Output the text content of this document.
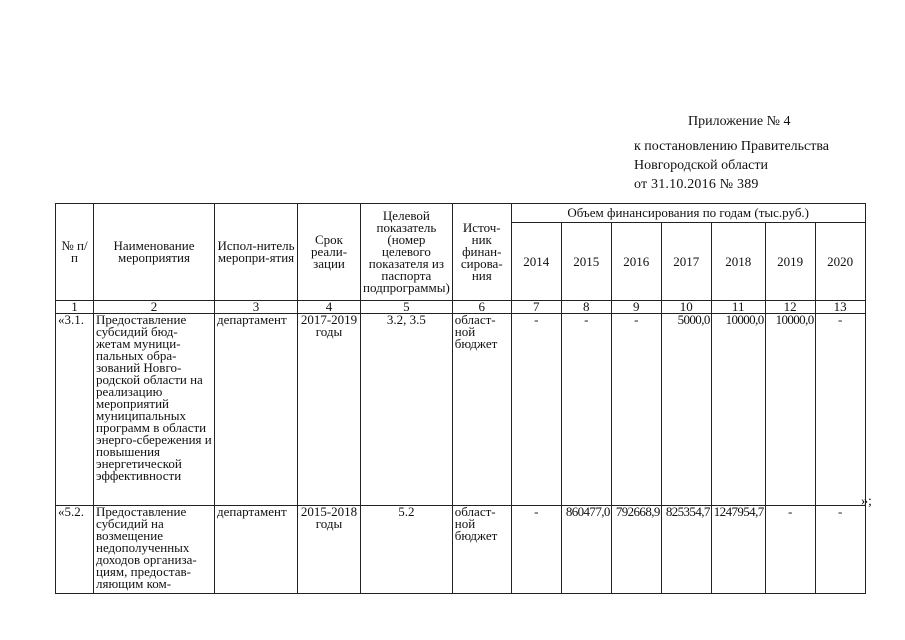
Приложение № 4
к постановлению Правительства
Новгородской области
от 31.10.2016 № 389
№ п/п	Наименование мероприятия	Испол-нитель меропри-ятия	Срок реали-зации	Целевой показатель (номер целевого показателя из паспорта подпрограммы)	Источ-ник финан-сирова-ния	Объем финансирования по годам (тыс.руб.)						
						2014	2015	2016	2017	2018	2019	2020
1	2	3	4	5	6	7	8	9	10	11	12	13
«3.1.	Предоставление субсидий бюд-жетам муници-пальных обра-зований Новго-родской области на реализацию мероприятий муниципальных программ в области энерго-сбережения и повышения энергетической эффективности	департамент	2017-2019 годы	3.2, 3.5	област-ной бюджет	-	-	-	5000,0	10000,0	10000,0	-
«5.2.	Предоставление субсидий на возмещение недополученных доходов организа-циям, предостав-ляющим ком-	департамент	2015-2018 годы	5.2	област-ной бюджет	-	860477,0	792668,9	825354,7	1247954,7	-	-
»;
